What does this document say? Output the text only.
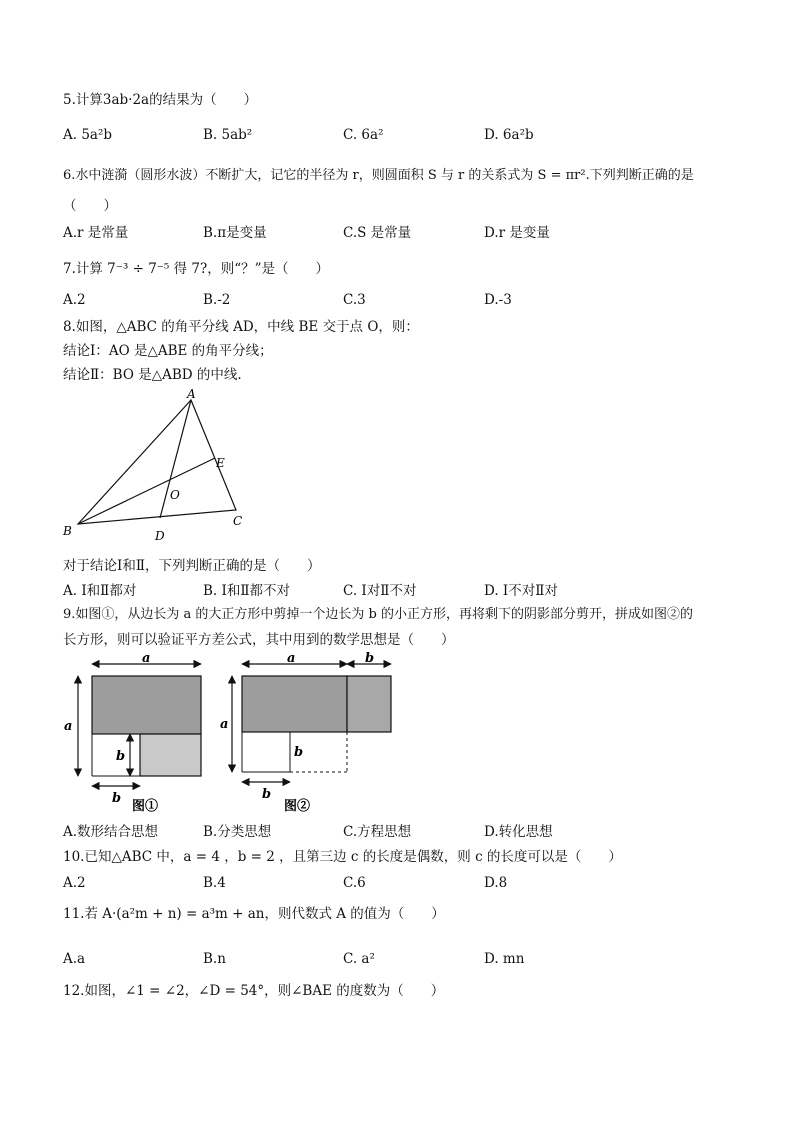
5.计算3ab·2a的结果为（　　）
A. 5a²b	B. 5ab²	C. 6a²	D. 6a²b
6.水中涟漪（圆形水波）不断扩大，记它的半径为 r，则圆面积 S 与 r 的关系式为 S = πr².下列判断正确的是
（　　）
A.r 是常量	B.π是变量	C.S 是常量	D.r 是变量
7.计算 7⁻³ ÷ 7⁻⁵ 得 7?，则“？”是（　　）
A.2	B.-2	C.3	D.-3
8.如图，△ABC 的角平分线 AD，中线 BE 交于点 O，则：
结论Ⅰ：AO 是△ABE 的角平分线；
结论Ⅱ：BO 是△ABD 的中线.
A
B
C
D
E
O
对于结论Ⅰ和Ⅱ，下列判断正确的是（　　）
A. Ⅰ和Ⅱ都对	B. Ⅰ和Ⅱ都不对	C. Ⅰ对Ⅱ不对	D. Ⅰ不对Ⅱ对
9.如图①，从边长为 a 的大正方形中剪掉一个边长为 b 的小正方形，再将剩下的阴影部分剪开，拼成如图②的
长方形，则可以验证平方差公式，其中用到的数学思想是（　　）
a
a
b
b
图①
a	b
a
b
b
图②
A.数形结合思想	B.分类思想	C.方程思想	D.转化思想
10.已知△ABC 中，a = 4 ，b = 2 ，且第三边 c 的长度是偶数，则 c 的长度可以是（　　）
A.2	B.4	C.6	D.8
11.若 A·(a²m + n) = a³m + an，则代数式 A 的值为（　　）
A.a	B.n	C. a²	D. mn
12.如图，∠1 = ∠2，∠D = 54°，则∠BAE 的度数为（　　）
